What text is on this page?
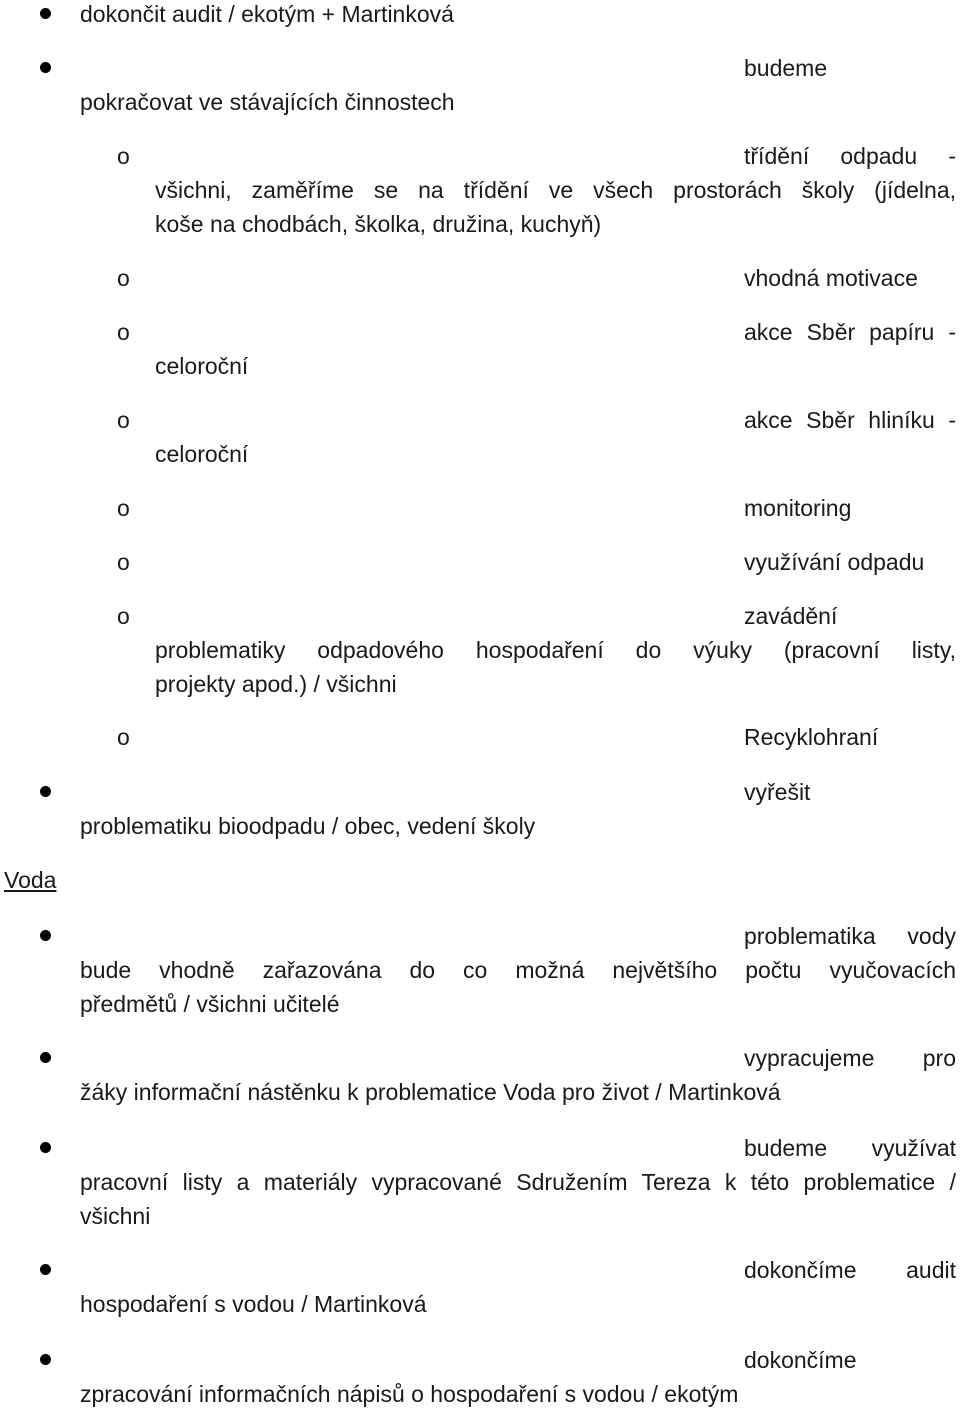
dokončit audit / ekotým + Martinková
budeme
pokračovat ve stávajících činnostech
o	třídění odpadu -
všichni, zaměříme se na třídění ve všech prostorách školy (jídelna,
koše na chodbách, školka, družina, kuchyň)
o	vhodná motivace
o	akce Sběr papíru -
celoroční
o	akce Sběr hliníku -
celoroční
o	monitoring
o	využívání odpadu
o	zavádění
problematiky odpadového hospodaření do výuky (pracovní listy,
projekty apod.) / všichni
o	Recyklohraní
vyřešit
problematiku bioodpadu / obec, vedení školy
Voda
problematika vody
bude vhodně zařazována do co možná největšího počtu vyučovacích
předmětů / všichni učitelé
vypracujeme pro
žáky informační nástěnku k problematice Voda pro život / Martinková
budeme využívat
pracovní listy a materiály vypracované Sdružením Tereza k této problematice /
všichni
dokončíme audit
hospodaření s vodou / Martinková
dokončíme
zpracování informačních nápisů o hospodaření s vodou / ekotým
